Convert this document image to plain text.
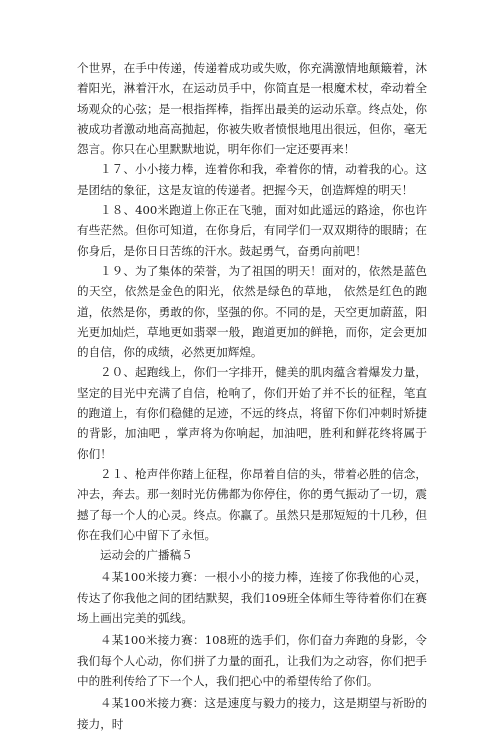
个世界，在手中传递，传递着成功或失败，你充满激情地颠簸着，沐着阳光，淋着汗水，在运动员手中，你简直是一根魔术杖，牵动着全场观众的心弦；是一根指挥棒，指挥出最美的运动乐章。终点处，你被成功者激动地高高抛起，你被失败者愤恨地甩出很远，但你，毫无怨言。你只在心里默默地说，明年你们一定还要再来！

１７、小小接力棒，连着你和我，牵着你的情，动着我的心。这是团结的象征，这是友谊的传递者。把握今天，创造辉煌的明天！

１８、400米跑道上你正在飞驰，面对如此遥远的路途，你也许有些茫然。但你可知道，在你身后，有同学们一双双期待的眼睛；在你身后，是你日日苦练的汗水。鼓起勇气，奋勇向前吧！

１９、为了集体的荣誉，为了祖国的明天！面对的，依然是蓝色的天空，依然是金色的阳光，依然是绿色的草地， 依然是红色的跑道，依然是你，勇敢的你，坚强的你。不同的是，天空更加蔚蓝，阳光更加灿烂，草地更如翡翠一般，跑道更加的鲜艳，而你，定会更加的自信，你的成绩，必然更加辉煌。

２０、起跑线上，你们一字排开，健美的肌肉蕴含着爆发力量，坚定的目光中充满了自信，枪响了，你们开始了并不长的征程，笔直的跑道上，有你们稳健的足迹，不远的终点，将留下你们冲刺时矫捷的背影，加油吧 ，掌声将为你响起，加油吧，胜利和鲜花终将属于你们！

２１、枪声伴你踏上征程，你昂着自信的头，带着必胜的信念，冲去，奔去。那一刻时光仿佛都为你停住，你的勇气振动了一切，震撼了每一个人的心灵。终点。你赢了。虽然只是那短短的十几秒，但你在我们心中留下了永恒。

运动会的广播稿５

４某100米接力赛：一根小小的接力棒，连接了你我他的心灵，传达了你我他之间的团结默契，我们109班全体师生等待着你们在赛场上画出完美的弧线。

４某100米接力赛：108班的选手们，你们奋力奔跑的身影，令我们每个人心动，你们拼了力量的面孔，让我们为之动容，你们把手中的胜利传给了下一个人，我们把心中的希望传给了你们。

４某100米接力赛：这是速度与毅力的接力，这是期望与祈盼的接力，时
